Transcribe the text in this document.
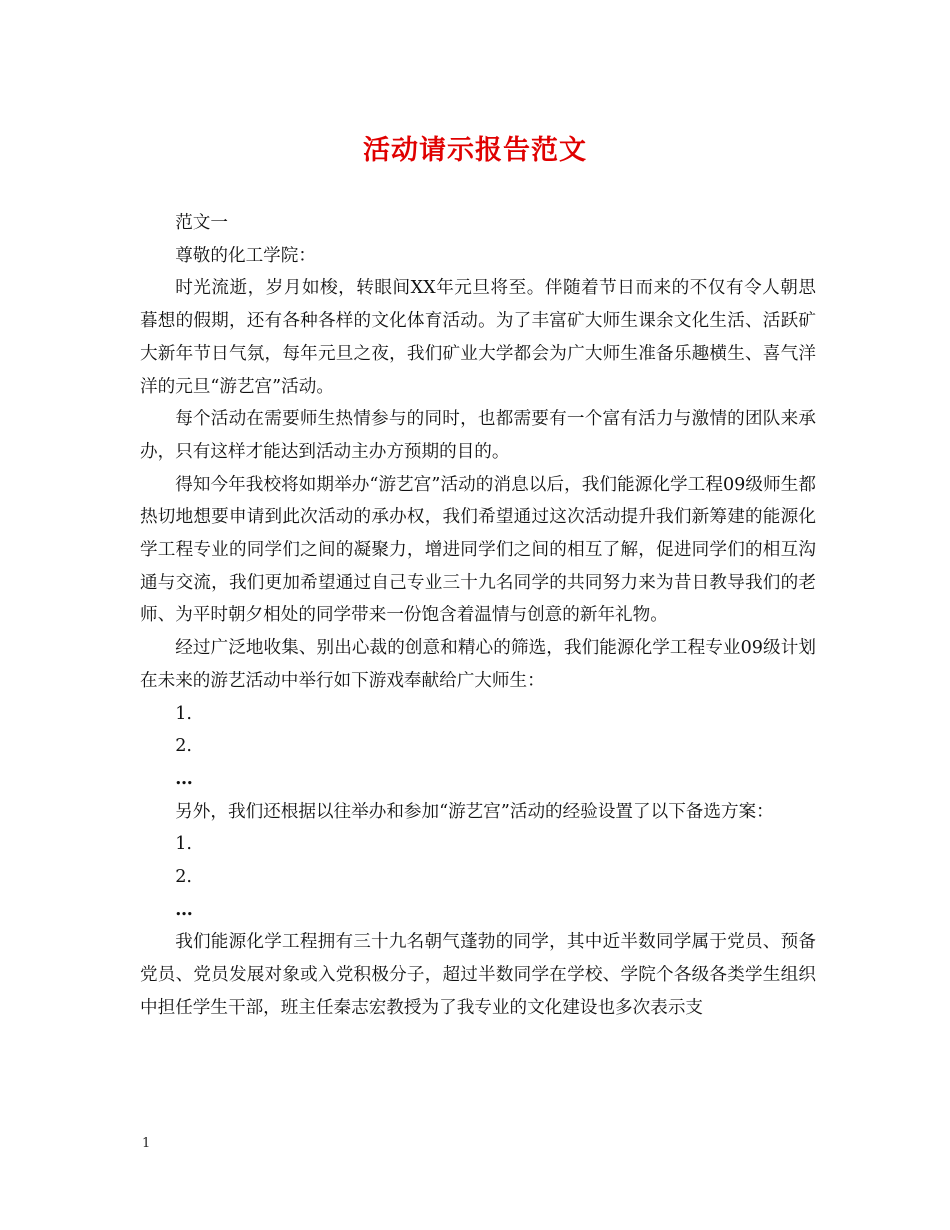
活动请示报告范文

范文一

尊敬的化工学院：

时光流逝，岁月如梭，转眼间XX年元旦将至。伴随着节日而来的不仅有令人朝思暮想的假期，还有各种各样的文化体育活动。为了丰富矿大师生课余文化生活、活跃矿大新年节日气氛，每年元旦之夜，我们矿业大学都会为广大师生准备乐趣横生、喜气洋洋的元旦“游艺宫”活动。

每个活动在需要师生热情参与的同时，也都需要有一个富有活力与激情的团队来承办，只有这样才能达到活动主办方预期的目的。

得知今年我校将如期举办“游艺宫”活动的消息以后，我们能源化学工程09级师生都热切地想要申请到此次活动的承办权，我们希望通过这次活动提升我们新筹建的能源化学工程专业的同学们之间的凝聚力，增进同学们之间的相互了解，促进同学们的相互沟通与交流，我们更加希望通过自己专业三十九名同学的共同努力来为昔日教导我们的老师、为平时朝夕相处的同学带来一份饱含着温情与创意的新年礼物。

经过广泛地收集、别出心裁的创意和精心的筛选，我们能源化学工程专业09级计划在未来的游艺活动中举行如下游戏奉献给广大师生：

1.

2.

…

另外，我们还根据以往举办和参加“游艺宫”活动的经验设置了以下备选方案：

1.

2.

…

我们能源化学工程拥有三十九名朝气蓬勃的同学，其中近半数同学属于党员、预备党员、党员发展对象或入党积极分子，超过半数同学在学校、学院个各级各类学生组织中担任学生干部，班主任秦志宏教授为了我专业的文化建设也多次表示支

1
